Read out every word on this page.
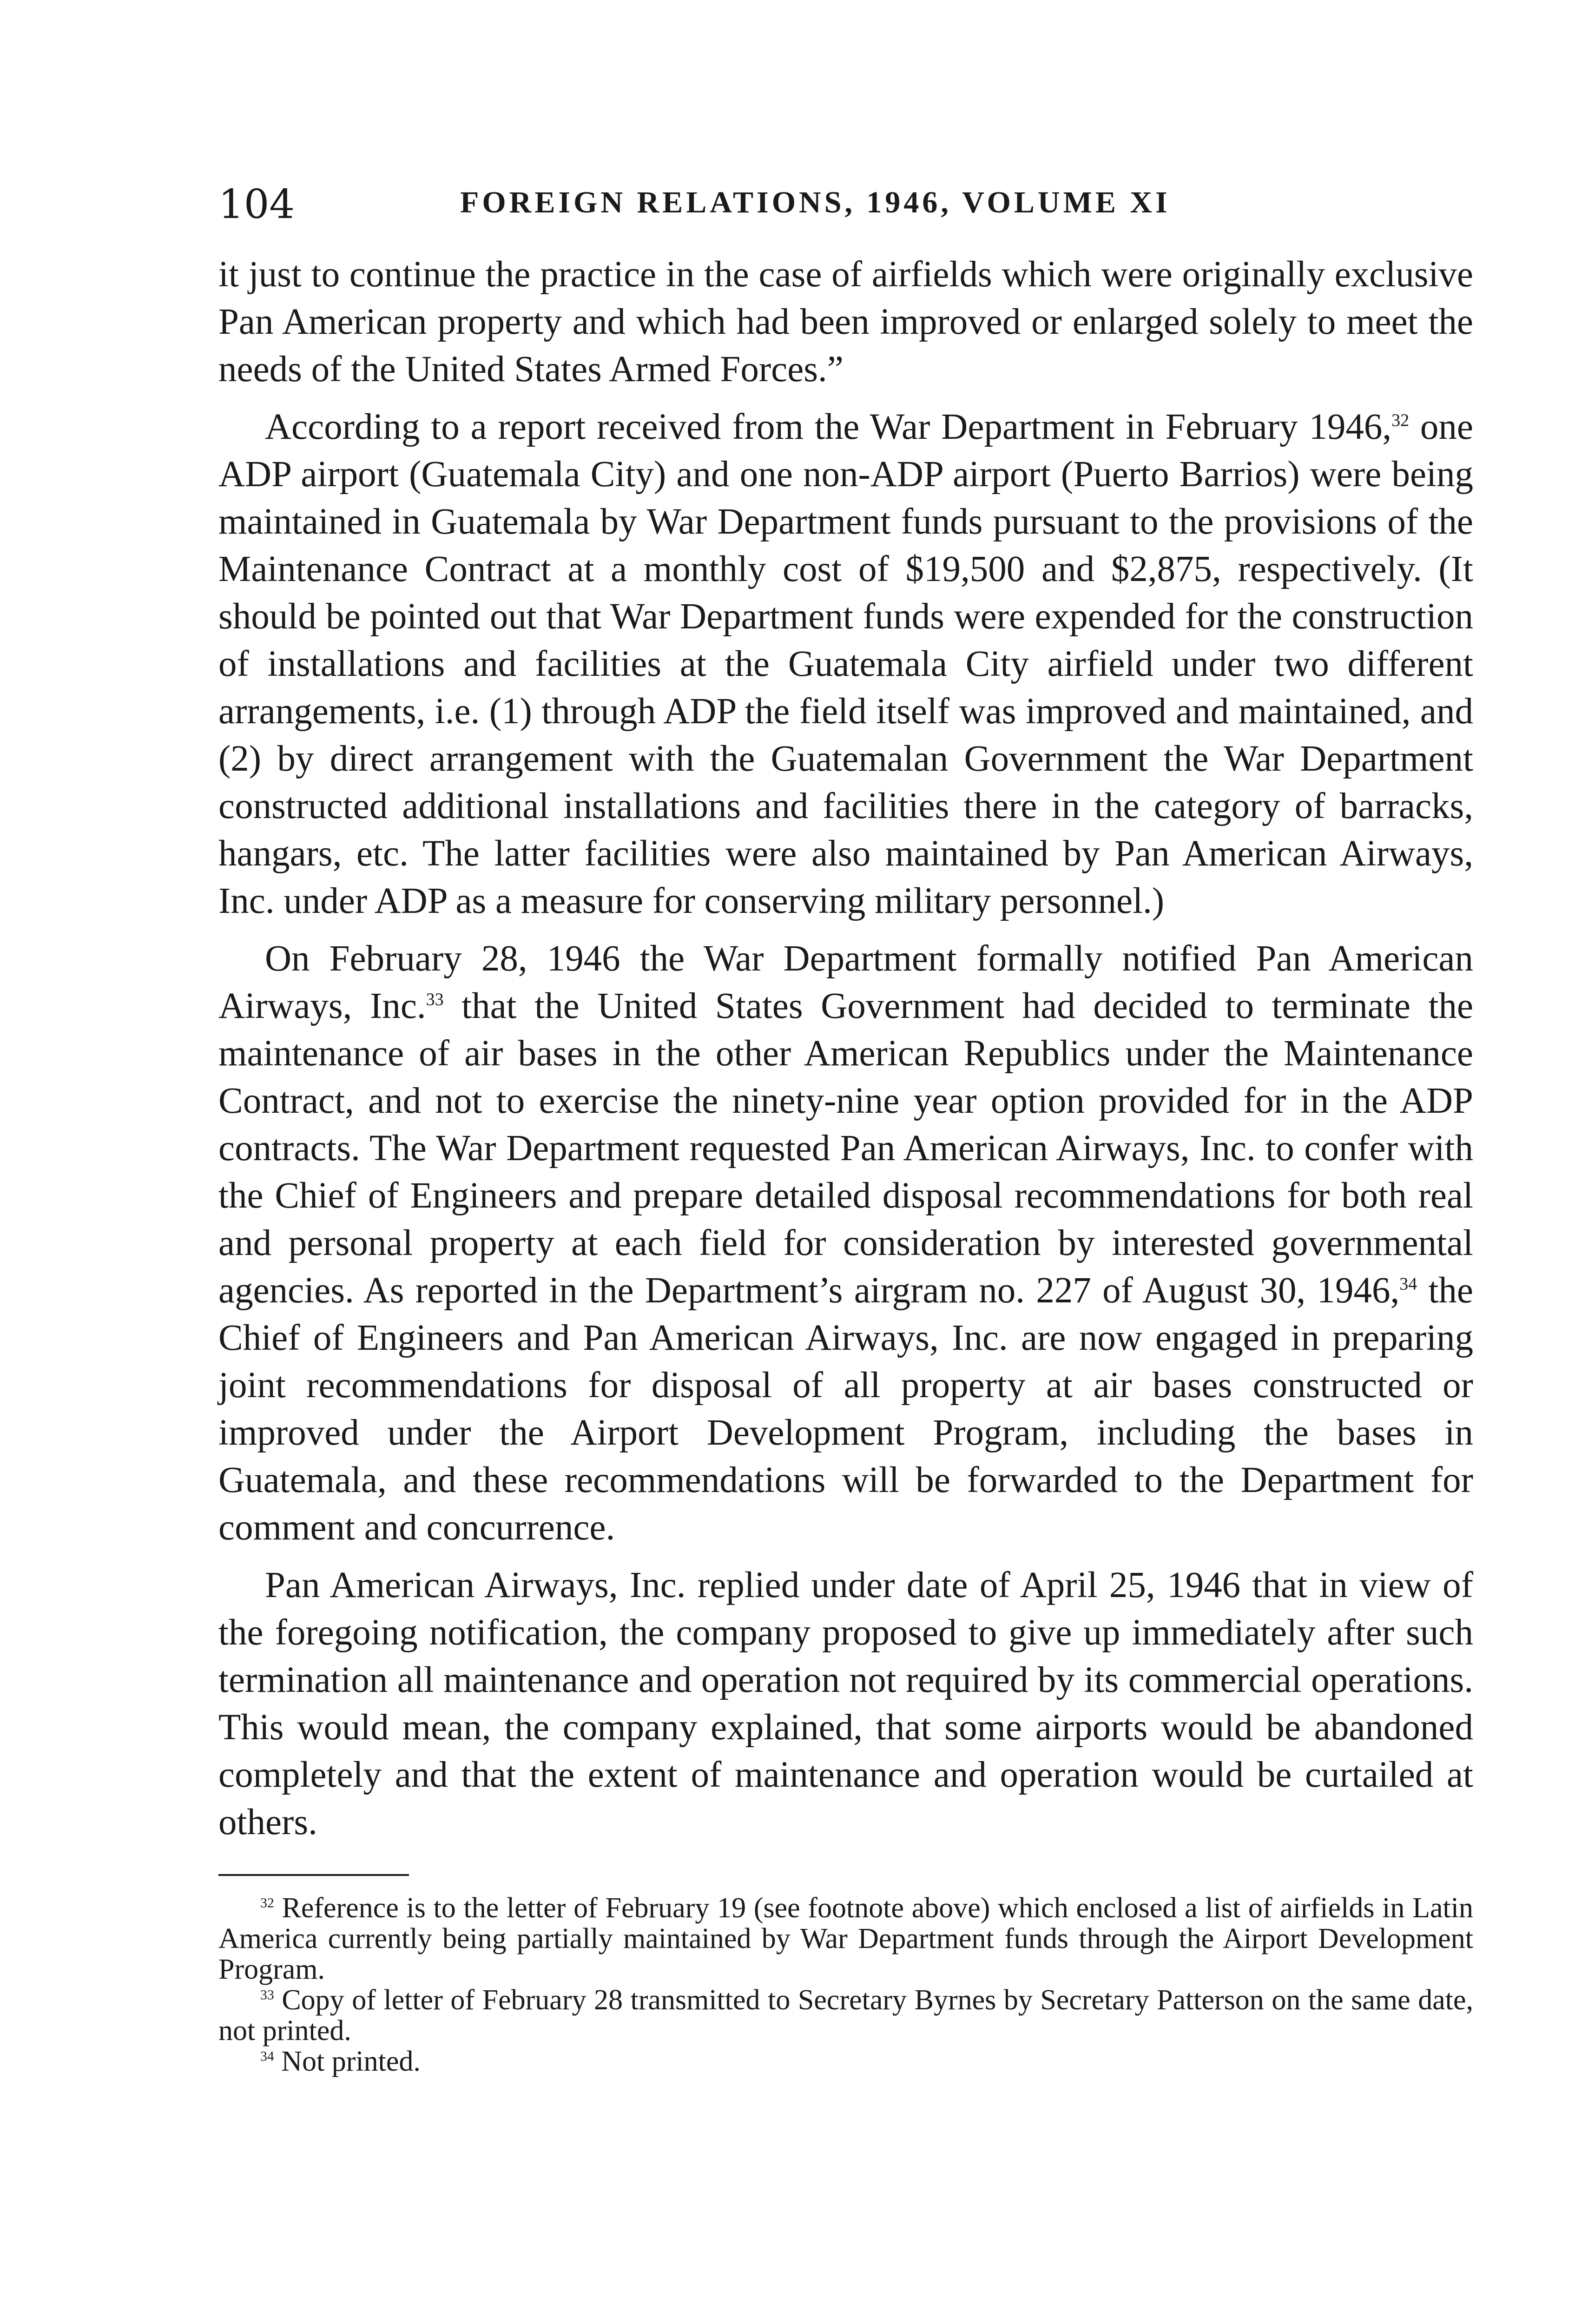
104	FOREIGN RELATIONS, 1946, VOLUME XI

it just to continue the practice in the case of airfields which were originally exclusive Pan American property and which had been improved or enlarged solely to meet the needs of the United States Armed Forces.”

According to a report received from the War Department in February 1946,32 one ADP airport (Guatemala City) and one non-ADP airport (Puerto Barrios) were being maintained in Guatemala by War Department funds pursuant to the provisions of the Maintenance Contract at a monthly cost of $19,500 and $2,875, respectively. (It should be pointed out that War Department funds were expended for the construction of installations and facilities at the Guatemala City airfield under two different arrangements, i.e. (1) through ADP the field itself was improved and maintained, and (2) by direct arrangement with the Guatemalan Government the War Department constructed additional installations and facilities there in the category of barracks, hangars, etc. The latter facilities were also maintained by Pan American Airways, Inc. under ADP as a measure for conserving military personnel.)

On February 28, 1946 the War Department formally notified Pan American Airways, Inc.$^{33}$ that the United States Government had decided to terminate the maintenance of air bases in the other American Republics under the Maintenance Contract, and not to exercise the ninety-nine year option provided for in the ADP contracts. The War Department requested Pan American Airways, Inc. to confer with the Chief of Engineers and prepare detailed disposal recommendations for both real and personal property at each field for consideration by interested governmental agencies. As reported in the Department’s airgram no. 227 of August 30, 1946,34 the Chief of Engineers and Pan American Airways, Inc. are now engaged in preparing joint recommendations for disposal of all property at air bases constructed or improved under the Airport Development Program, including the bases in Guatemala, and these recommendations will be forwarded to the Department for comment and concurrence.

Pan American Airways, Inc. replied under date of April 25, 1946 that in view of the foregoing notification, the company proposed to give up immediately after such termination all maintenance and operation not required by its commercial operations. This would mean, the company explained, that some airports would be abandoned completely and that the extent of maintenance and operation would be curtailed at others.

$^{32}$ Reference is to the letter of February 19 (see footnote above) which enclosed a list of airfields in Latin America currently being partially maintained by War Department funds through the Airport Development Program.

$^{33}$ Copy of letter of February 28 transmitted to Secretary Byrnes by Secretary Patterson on the same date, not printed.

$^{34}$ Not printed.
